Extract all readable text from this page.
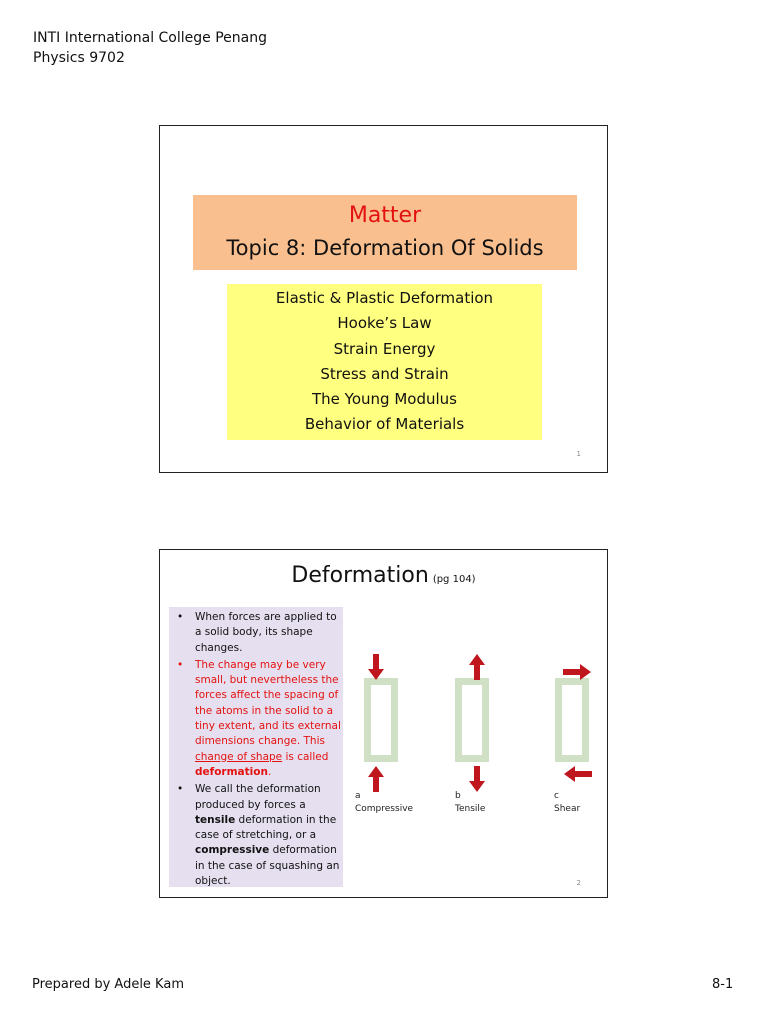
INTI International College Penang
Physics 9702
Matter
Topic 8: Deformation Of Solids
Elastic & Plastic Deformation
Hooke’s Law
Strain Energy
Stress and Strain
The Young Modulus
Behavior of Materials
1
Deformation (pg 104)
• When forces are applied to a solid body, its shape changes.
• The change may be very small, but nevertheless the forces affect the spacing of the atoms in the solid to a tiny extent, and its external dimensions change. This change of shape is called deformation.
• We call the deformation produced by forces a tensile deformation in the case of stretching, or a compressive deformation in the case of squashing an object.
a
Compressive
b
Tensile
c
Shear
2
Prepared by Adele Kam	8-1
